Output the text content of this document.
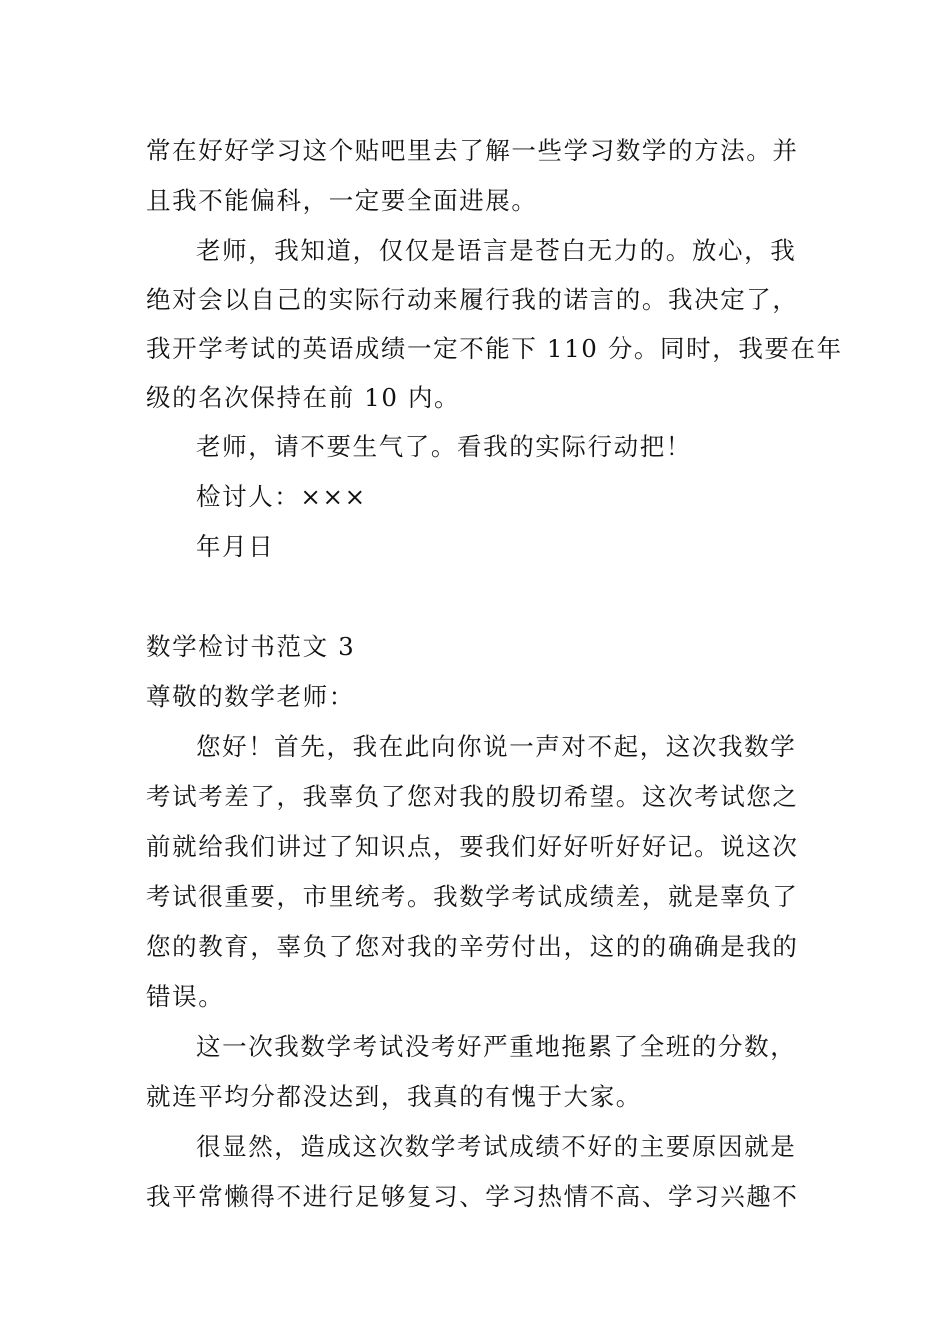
常在好好学习这个贴吧里去了解一些学习数学的方法。并
且我不能偏科，一定要全面进展。
老师，我知道，仅仅是语言是苍白无力的。放心，我
绝对会以自己的实际行动来履行我的诺言的。我决定了，
我开学考试的英语成绩一定不能下 110 分。同时，我要在年
级的名次保持在前 10 内。
老师，请不要生气了。看我的实际行动把！
检讨人：×××
年月日
数学检讨书范文 3
尊敬的数学老师：
您好！首先，我在此向你说一声对不起，这次我数学
考试考差了，我辜负了您对我的殷切希望。这次考试您之
前就给我们讲过了知识点，要我们好好听好好记。说这次
考试很重要，市里统考。我数学考试成绩差，就是辜负了
您的教育，辜负了您对我的辛劳付出，这的的确确是我的
错误。
这一次我数学考试没考好严重地拖累了全班的分数，
就连平均分都没达到，我真的有愧于大家。
很显然，造成这次数学考试成绩不好的主要原因就是
我平常懒得不进行足够复习、学习热情不高、学习兴趣不
